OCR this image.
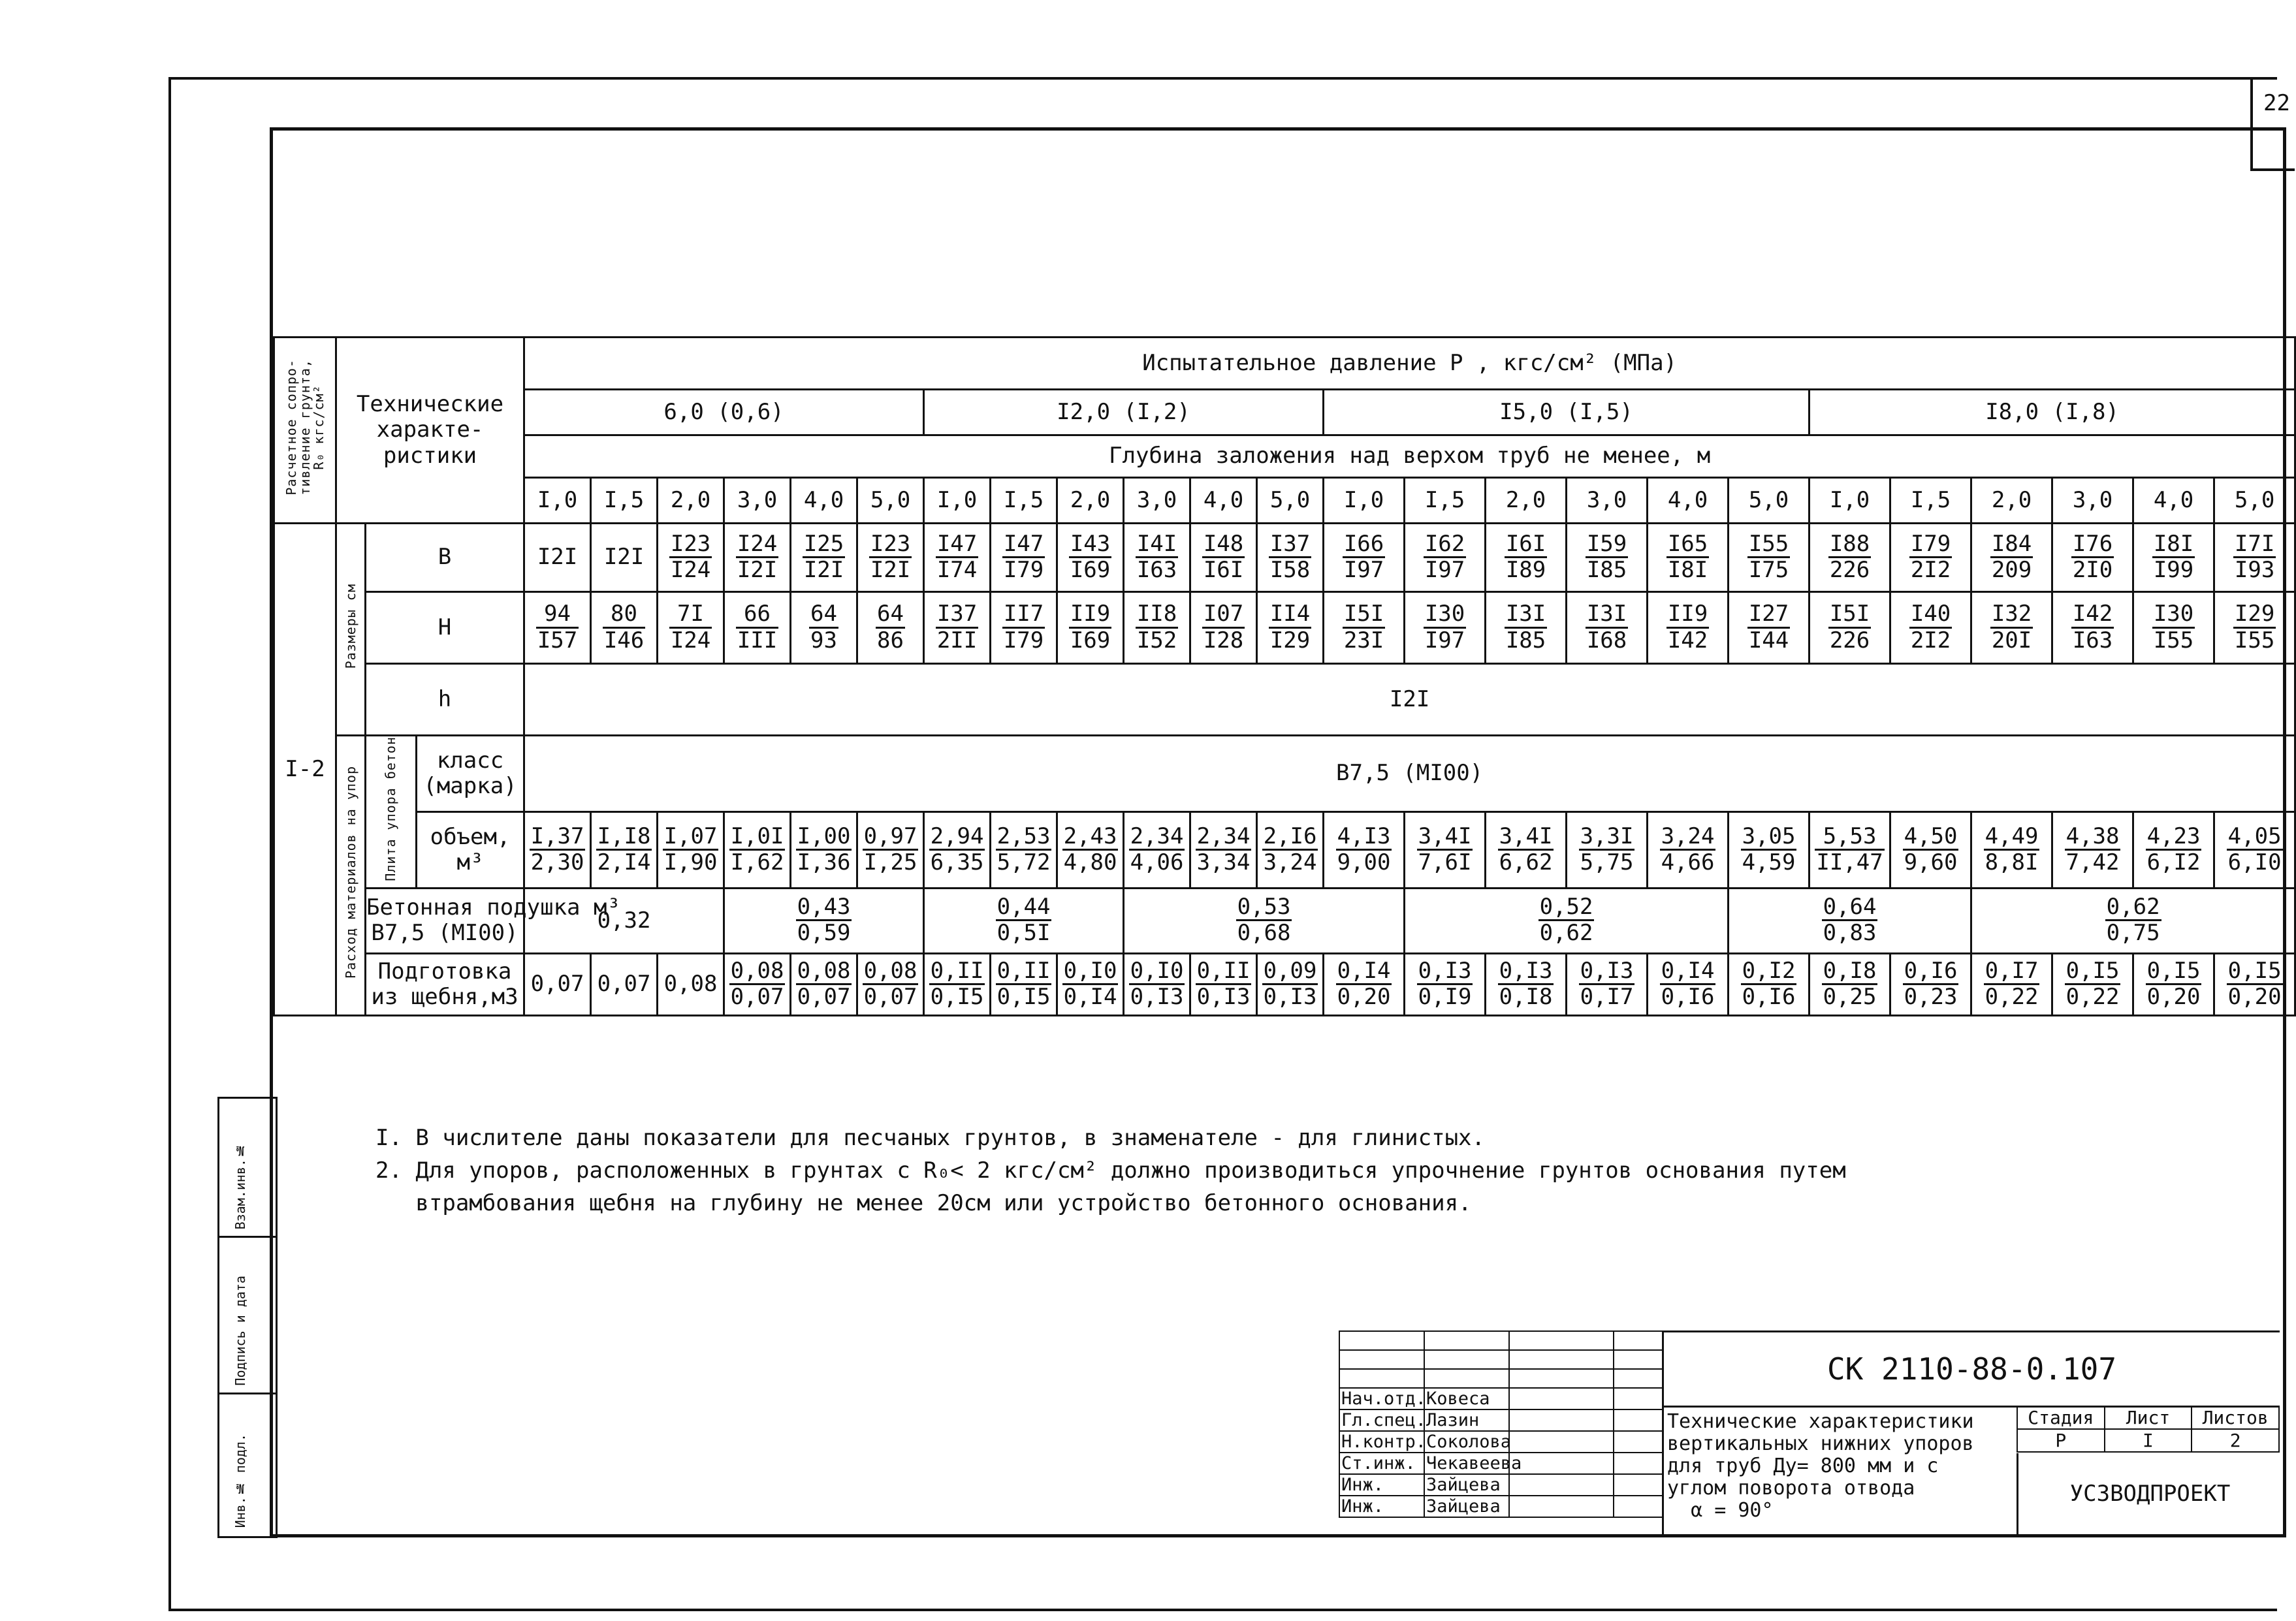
22
Расчетное сопро-
тивление грунта,
R₀ кгс/см²	Технические
характе-
ристики			Испытательное давление P , кгс/см² (МПа)																							
				6,0 (0,6)						I2,0 (I,2)						I5,0 (I,5)						I8,0 (I,8)					
				Глубина заложения над верхом труб не менее, м																							
				I,0	I,5	2,0	3,0	4,0	5,0	I,0	I,5	2,0	3,0	4,0	5,0	I,0	I,5	2,0	3,0	4,0	5,0	I,0	I,5	2,0	3,0	4,0	5,0
I-2	Размеры см	B		I2I	I2I	$\frac{I23}{I24}$	$\frac{I24}{I2I}$	$\frac{I25}{I2I}$	$\frac{I23}{I2I}$	$\frac{I47}{I74}$	$\frac{I47}{I79}$	$\frac{I43}{I69}$	$\frac{I4I}{I63}$	$\frac{I48}{I6I}$	$\frac{I37}{I58}$	$\frac{I66}{I97}$	$\frac{I62}{I97}$	$\frac{I6I}{I89}$	$\frac{I59}{I85}$	$\frac{I65}{I8I}$	$\frac{I55}{I75}$	$\frac{I88}{226}$	$\frac{I79}{2I2}$	$\frac{I84}{209}$	$\frac{I76}{2I0}$	$\frac{I8I}{I99}$	$\frac{I7I}{I93}$

		H		$\frac{94}{I57}$	$\frac{80}{I46}$	$\frac{7I}{I24}$	$\frac{66}{\text{III}}$	$\frac{64}{93}$	$\frac{64}{86}$	$\frac{I37}{2II}$	$\frac{II7}{I79}$	$\frac{II9}{I69}$	$\frac{II8}{I52}$	$\frac{I07}{I28}$	$\frac{II4}{I29}$	$\frac{I5I}{23I}$	$\frac{I30}{I97}$	$\frac{I3I}{I85}$	$\frac{I3I}{I68}$	$\frac{II9}{I42}$	$\frac{I27}{I44}$	$\frac{I5I}{226}$	$\frac{I40}{2I2}$	$\frac{I32}{20I}$	$\frac{I42}{I63}$	$\frac{I30}{I55}$	$\frac{I29}{I55}$

		h		I2I																							
	Расход материалов на упор	Плита упора бетон	класс
(марка)	B7,5 (MI00)																							
			объем,
м³	$\frac{I,37}{2,30}$	$\frac{I,I8}{2,I4}$	$\frac{I,07}{I,90}$	$\frac{I,0I}{I,62}$	$\frac{I,00}{I,36}$	$\frac{0,97}{I,25}$	$\frac{2,94}{6,35}$	$\frac{2,53}{5,72}$	$\frac{2,43}{4,80}$	$\frac{2,34}{4,06}$	$\frac{2,34}{3,34}$	$\frac{2,I6}{3,24}$	$\frac{4,I3}{9,00}$	$\frac{3,4I}{7,6I}$	$\frac{3,4I}{6,62}$	$\frac{3,3I}{5,75}$	$\frac{3,24}{4,66}$	$\frac{3,05}{4,59}$	$\frac{5,53}{II,47}$	$\frac{4,50}{9,60}$	$\frac{4,49}{8,8I}$	$\frac{4,38}{7,42}$	$\frac{4,23}{6,I2}$	$\frac{4,05}{6,I0}$

		Бетонная подушка м³
B7,5 (MI00)		0,32			$\frac{0,43}{0,59}$			$\frac{0,44}{0,5I}$			$\frac{0,53}{0,68}$				$\frac{0,52}{0,62}$				$\frac{0,64}{0,83}$			$\frac{0,62}{0,75}$

		Подготовка
из щебня,м3		0,07	0,07	0,08	$\frac{0,08}{0,07}$	$\frac{0,08}{0,07}$	$\frac{0,08}{0,07}$	$\frac{0,II}{0,I5}$	$\frac{0,II}{0,I5}$	$\frac{0,I0}{0,I4}$	$\frac{0,I0}{0,I3}$	$\frac{0,II}{0,I3}$	$\frac{0,09}{0,I3}$	$\frac{0,I4}{0,20}$	$\frac{0,I3}{0,I9}$	$\frac{0,I3}{0,I8}$	$\frac{0,I3}{0,I7}$	$\frac{0,I4}{0,I6}$	$\frac{0,I2}{0,I6}$	$\frac{0,I8}{0,25}$	$\frac{0,I6}{0,23}$	$\frac{0,I7}{0,22}$	$\frac{0,I5}{0,22}$	$\frac{0,I5}{0,20}$	$\frac{0,I5}{0,20}$

I. В числителе даны показатели для песчаных грунтов, в знаменателе - для глинистых.

2. Для упоров, расположенных в грунтах с R₀< 2 кгс/см² должно производиться упрочнение грунтов основания путем

втрамбования щебня на глубину не менее 20см или устройство бетонного основания.

Взам.инв.№
Подпись и дата
Инв.№ подл.

Нач.отд.	Ковеса		
Гл.спец.	Лазин		
Н.контр.	Соколова		
Ст.инж.	Чекавеева		
Инж.	Зайцева		
Инж.	Зайцева		
СК 2110-88-0.107
Технические характеристики
вертикальных нижних упоров
для труб Ду= 800 мм и с
углом поворота отвода
α = 90°
Стадия	Лист	Листов
Р	I	2
УСЗВОДПРОЕКТ
